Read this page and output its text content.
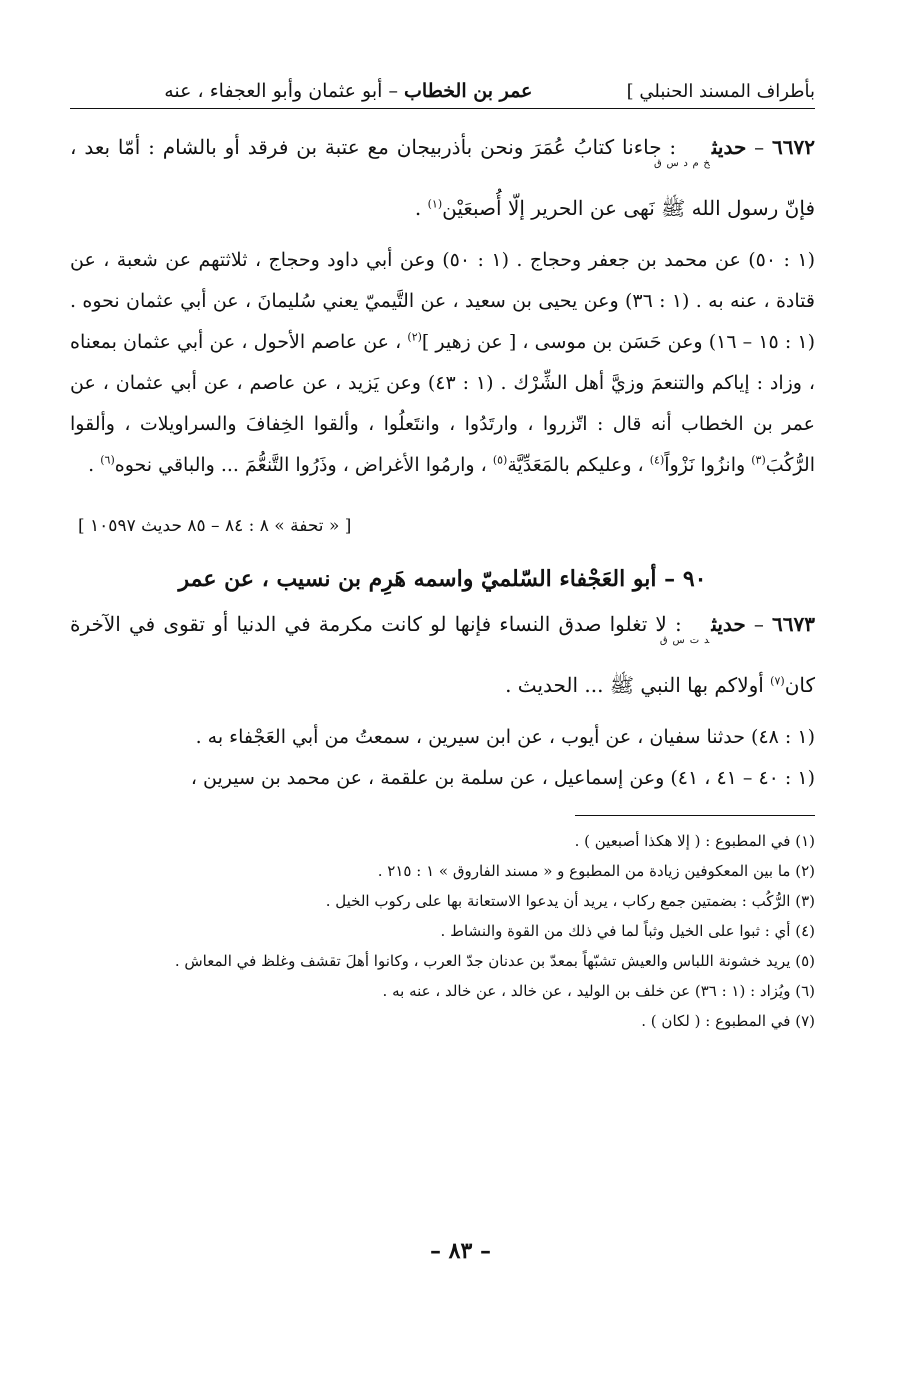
بأطراف المسند الحنبلي ]
عمر بن الخطاب – أبو عثمان وأبو العجفاء ، عنه

٦٦٧٢ – حديث$_{خ م د س ق}$ : جاءنا كتابُ عُمَرَ ونحن بأذربيجان مع عتبة بن فرقد أو بالشام : أمّا بعد ، فإنّ رسول الله ﷺ نَهى عن الحرير إلّا أُصبعَيْن$^{(١)}$ .

(١ : ٥٠) عن محمد بن جعفر وحجاج . (١ : ٥٠) وعن أبي داود وحجاج ، ثلاثتهم عن شعبة ، عن قتادة ، عنه به . (١ : ٣٦) وعن يحيى بن سعيد ، عن التَّيميّ يعني سُليمانَ ، عن أبي عثمان نحوه . (١ : ١٥ – ١٦) وعن حَسَن بن موسى ، [ عن زهير ]$^{(٢)}$ ، عن عاصم الأحول ، عن أبي عثمان بمعناه ، وزاد : إياكم والتنعمَ وزيَّ أهل الشِّرْك . (١ : ٤٣) وعن يَزيد ، عن عاصم ، عن أبي عثمان ، عن عمر بن الخطاب أنه قال : اتّزروا ، وارتَدُوا ، وانتَعلُوا ، وألقوا الخِفافَ والسراويلات ، وألقوا الرُّكُبَ$^{(٣)}$ وانزُوا نَزْواً$^{(٤)}$ ، وعليكم بالمَعَدِّيَّة$^{(٥)}$ ، وارمُوا الأغراض ، وذَرُوا التَّنعُّمَ ... والباقي نحوه$^{(٦)}$ .

[ « تحفة » ٨ : ٨٤ – ٨٥ حديث ١٠٥٩٧ ]
٩٠ – أبو العَجْفاء السّلميّ واسمه هَرِم بن نسيب ، عن عمر

٦٦٧٣ – حديث$_{د ت س ق}$ : لا تغلوا صدق النساء فإنها لو كانت مكرمة في الدنيا أو تقوى في الآخرة كان$^{(٧)}$ أولاكم بها النبي ﷺ ... الحديث .

(١ : ٤٨) حدثنا سفيان ، عن أيوب ، عن ابن سيرين ، سمعتُ من أبي العَجْفاء به .
(١ : ٤٠ – ٤١ ، ٤١) وعن إسماعيل ، عن سلمة بن علقمة ، عن محمد بن سيرين ،
(١) في المطبوع : ( إلا هكذا أصبعين ) .
(٢) ما بين المعكوفين زيادة من المطبوع و « مسند الفاروق » ١ : ٢١٥ .
(٣) الرُّكُب : بضمتين جمع ركاب ، يريد أن يدعوا الاستعانة بها على ركوب الخيل .
(٤) أي : ثبوا على الخيل وثباً لما في ذلك من القوة والنشاط .
(٥) يريد خشونة اللباس والعيش تشبّهاً بمعدّ بن عدنان جدّ العرب ، وكانوا أهلَ تقشف وغلظ في المعاش .
(٦) ويُزاد : (١ : ٣٦) عن خلف بن الوليد ، عن خالد ، عن خالد ، عنه به .
(٧) في المطبوع : ( لكان ) .
– ٨٣ –
